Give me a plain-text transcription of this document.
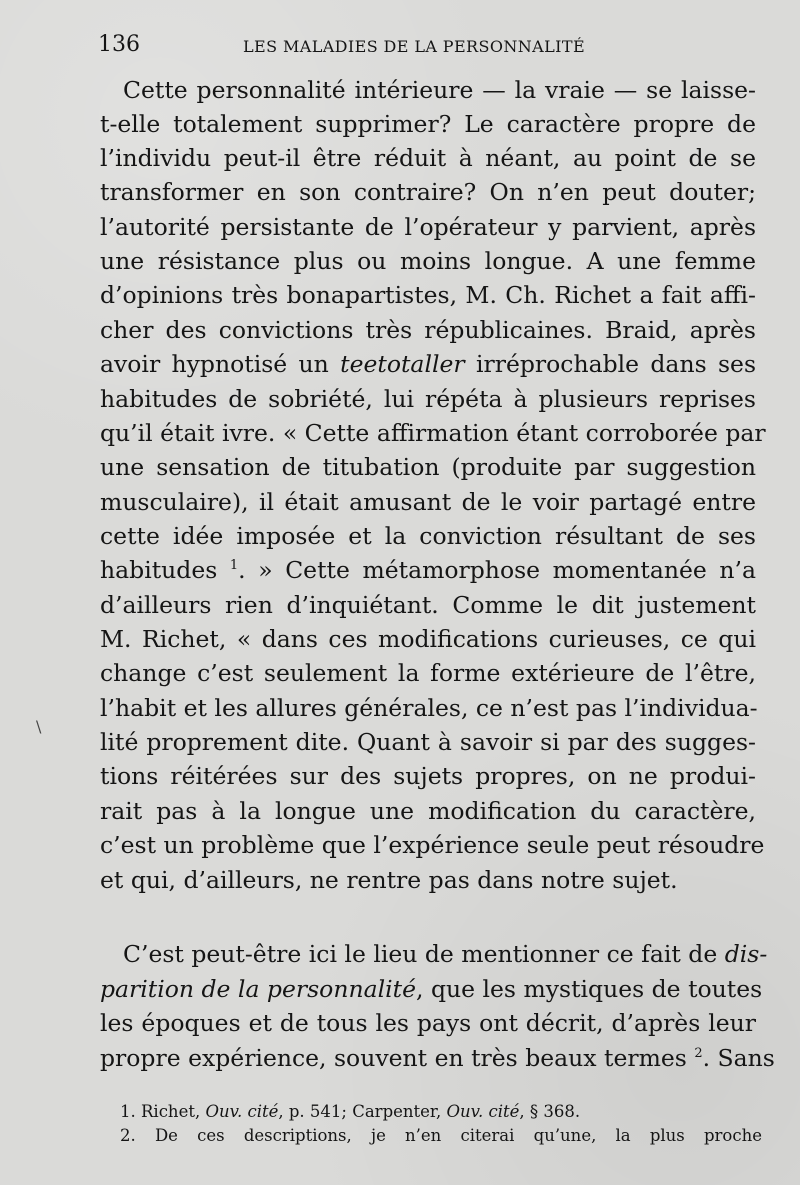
136	LES MALADIES DE LA PERSONNALITÉ
\
Cette personnalité intérieure — la vraie — se laisse-
t-elle totalement supprimer? Le caractère propre de
l’individu peut-il être réduit à néant, au point de se
transformer en son contraire? On n’en peut douter;
l’autorité persistante de l’opérateur y parvient, après
une résistance plus ou moins longue. A une femme
d’opinions très bonapartistes, M. Ch. Richet a fait affi-
cher des convictions très républicaines. Braid, après
avoir hypnotisé un teetotaller irréprochable dans ses
habitudes de sobriété, lui répéta à plusieurs reprises
qu’il était ivre. « Cette affirmation étant corroborée par
une sensation de titubation (produite par suggestion
musculaire), il était amusant de le voir partagé entre
cette idée imposée et la conviction résultant de ses
habitudes $^1$. » Cette métamorphose momentanée n’a
d’ailleurs rien d’inquiétant. Comme le dit justement
M. Richet, « dans ces modifications curieuses, ce qui
change c’est seulement la forme extérieure de l’être,
l’habit et les allures générales, ce n’est pas l’individua-
lité proprement dite. Quant à savoir si par des sugges-
tions réitérées sur des sujets propres, on ne produi-
rait pas à la longue une modification du caractère,
c’est un problème que l’expérience seule peut résoudre
et qui, d’ailleurs, ne rentre pas dans notre sujet.
C’est peut-être ici le lieu de mentionner ce fait de dis-
parition de la personnalité, que les mystiques de toutes
les époques et de tous les pays ont décrit, d’après leur
propre expérience, souvent en très beaux termes $^2$. Sans
1. Richet, Ouv. cité, p. 541; Carpenter, Ouv. cité, § 368.
2. De ces descriptions, je n’en citerai qu’une, la plus proche
